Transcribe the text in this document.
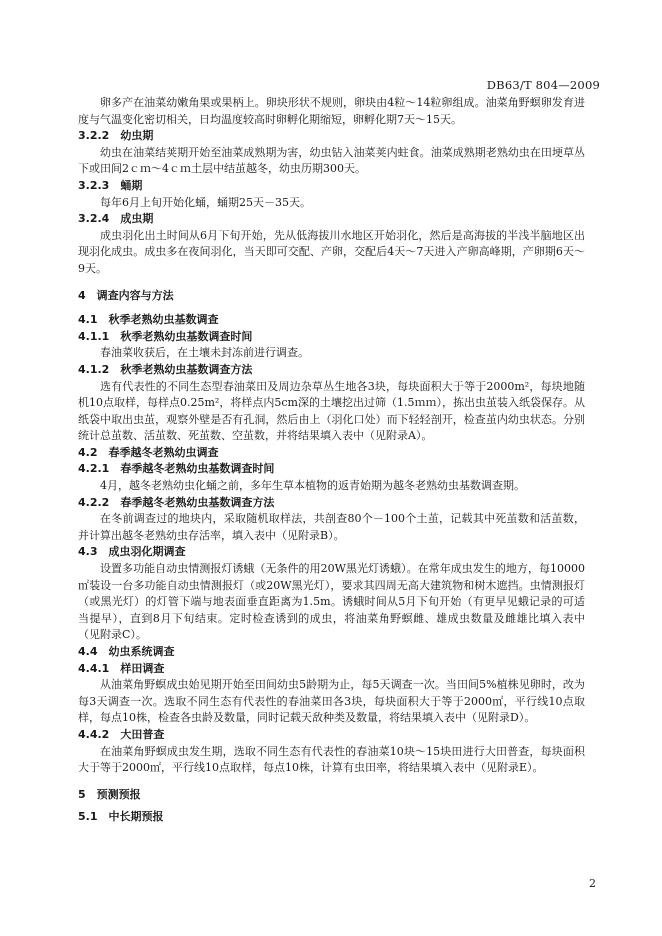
DB63/T 804—2009

卵多产在油菜幼嫩角果或果柄上。卵块形状不规则，卵块由4粒～14粒卵组成。油菜角野螟卵发育进度与气温变化密切相关，日均温度较高时卵孵化期缩短，卵孵化期7天～15天。

3.2.2　幼虫期

幼虫在油菜结荚期开始至油菜成熟期为害，幼虫钻入油菜荚内蛀食。油菜成熟期老熟幼虫在田埂草丛下或田间2ｃｍ～4ｃｍ土层中结茧越冬，幼虫历期300天。

3.2.3　蛹期

每年6月上旬开始化蛹，蛹期25天－35天。

3.2.4　成虫期

成虫羽化出土时间从6月下旬开始，先从低海拔川水地区开始羽化，然后是高海拔的半浅半脑地区出现羽化成虫。成虫多在夜间羽化，当天即可交配、产卵，交配后4天～7天进入产卵高峰期，产卵期6天～9天。

4　调查内容与方法

4.1　秋季老熟幼虫基数调查

4.1.1　秋季老熟幼虫基数调查时间

春油菜收获后，在土壤未封冻前进行调查。

4.1.2　秋季老熟幼虫基数调查方法

选有代表性的不同生态型春油菜田及周边杂草丛生地各3块，每块面积大于等于2000m²，每块地随机10点取样，每样点0.25m²，将样点内5cm深的土壤挖出过筛（1.5ｍｍ），拣出虫茧装入纸袋保存。从纸袋中取出虫茧，观察外壁是否有孔洞，然后由上（羽化口处）而下轻轻剖开，检查茧内幼虫状态。分别统计总茧数、活茧数、死茧数、空茧数，并将结果填入表中（见附录A）。

4.2　春季越冬老熟幼虫调查

4.2.1　春季越冬老熟幼虫基数调查时间

4月，越冬老熟幼虫化蛹之前，多年生草本植物的返青始期为越冬老熟幼虫基数调查期。

4.2.2　春季越冬老熟幼虫基数调查方法

在冬前调查过的地块内，采取随机取样法，共剖查80个－100个土茧，记载其中死茧数和活茧数，并计算出越冬老熟幼虫存活率，填入表中（见附录B）。

4.3　成虫羽化期调查

设置多功能自动虫情测报灯诱蛾（无条件的用20W黑光灯诱蛾）。在常年成虫发生的地方，每10000㎡装设一台多功能自动虫情测报灯（或20W黑光灯），要求其四周无高大建筑物和树木遮挡。虫情测报灯（或黑光灯）的灯管下端与地表面垂直距离为1.5m。诱蛾时间从5月下旬开始（有更早见蛾记录的可适当提早），直到8月下旬结束。定时检查诱到的成虫，将油菜角野螟雌、雄成虫数量及雌雄比填入表中（见附录C）。

4.4　幼虫系统调查

4.4.1　样田调查

从油菜角野螟成虫始见期开始至田间幼虫5龄期为止，每5天调查一次。当田间5%植株见卵时，改为每3天调查一次。选取不同生态有代表性的春油菜田各3块，每块面积大于等于2000㎡，平行线10点取样，每点10株，检查各虫龄及数量，同时记载天敌种类及数量，将结果填入表中（见附录D）。

4.4.2　大田普查

在油菜角野螟成虫发生期，选取不同生态有代表性的春油菜10块～15块田进行大田普查，每块面积大于等于2000㎡，平行线10点取样，每点10株，计算有虫田率，将结果填入表中（见附录E）。

5　预测预报

5.1　中长期预报

2
